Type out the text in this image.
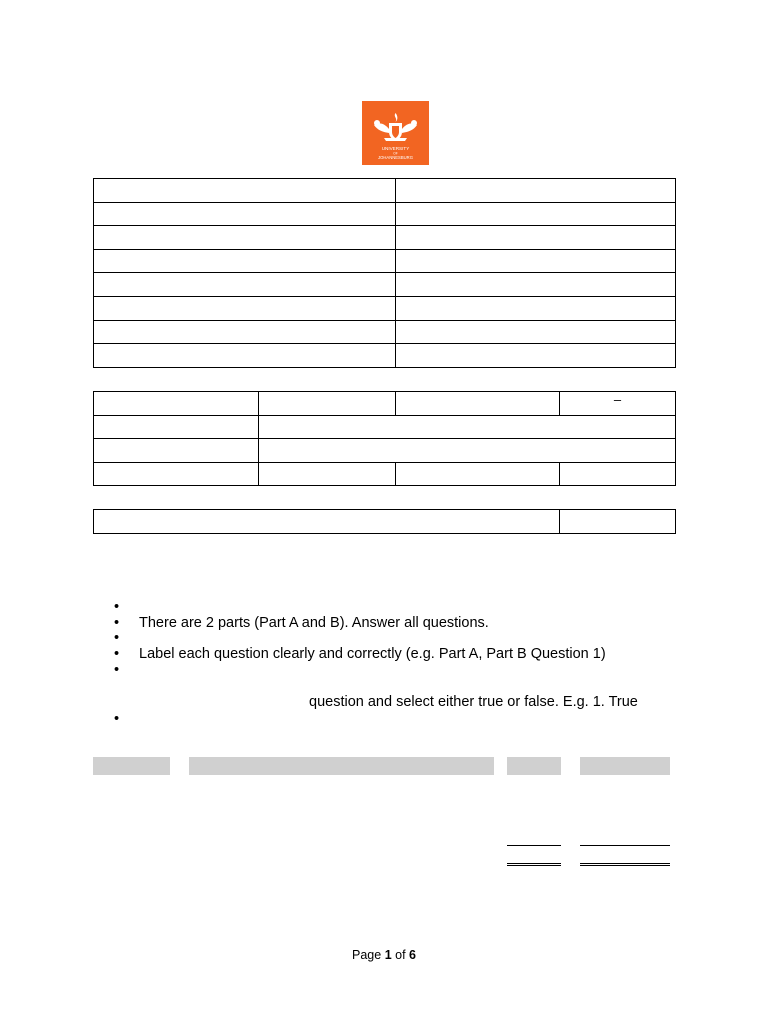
UNIVERSITY
OF
JOHANNESBURG

			–

•
•	There are 2 parts (Part A and B). Answer all questions.
•
•	Label each question clearly and correctly (e.g. Part A, Part B Question 1)
•
question and select either true or false. E.g. 1. True
•
Page 1 of 6
